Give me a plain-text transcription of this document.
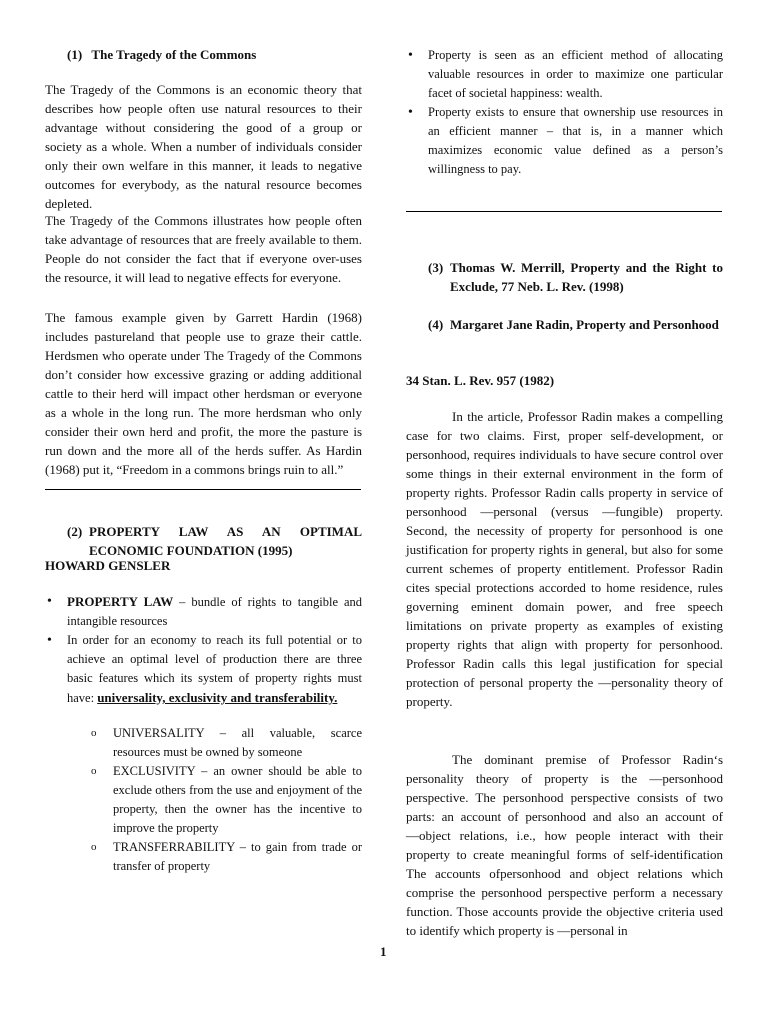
(1) The Tragedy of the Commons

The Tragedy of the Commons is an economic theory that describes how people often use natural resources to their advantage without considering the good of a group or society as a whole. When a number of individuals consider only their own welfare in this manner, it leads to negative outcomes for everybody, as the natural resource becomes depleted.

The Tragedy of the Commons illustrates how people often take advantage of resources that are freely available to them. People do not consider the fact that if everyone over-uses the resource, it will lead to negative effects for everyone.

The famous example given by Garrett Hardin (1968) includes pastureland that people use to graze their cattle. Herdsmen who operate under The Tragedy of the Commons don’t consider how excessive grazing or adding additional cattle to their herd will impact other herdsman or everyone as a whole in the long run. The more herdsman who only consider their own herd and profit, the more the pasture is run down and the more all of the herds suffer. As Hardin (1968) put it, “Freedom in a commons brings ruin to all.”

(2) PROPERTY LAW AS AN OPTIMAL
ECONOMIC FOUNDATION (1995)
HOWARD GENSLER
• PROPERTY LAW – bundle of rights to tangible and intangible resources
• In order for an economy to reach its full potential or to achieve an optimal level of production there are three basic features which its system of property rights must have: universality, exclusivity and transferability.
o UNIVERSALITY – all valuable, scarce resources must be owned by someone
o EXCLUSIVITY – an owner should be able to exclude others from the use and enjoyment of the property, then the owner has the incentive to improve the property
o TRANSFERRABILITY – to gain from trade or transfer of property
• Property is seen as an efficient method of allocating valuable resources in order to maximize one particular facet of societal happiness: wealth.
• Property exists to ensure that ownership use resources in an efficient manner – that is, in a manner which maximizes economic value defined as a person’s willingness to pay.
(3) Thomas W. Merrill, Property and the Right to Exclude, 77 Neb. L. Rev. (1998)
(4) Margaret Jane Radin, Property and Personhood
34 Stan. L. Rev. 957 (1982)

In the article, Professor Radin makes a compelling case for two claims. First, proper self-development, or personhood, requires individuals to have secure control over some things in their external environment in the form of property rights. Professor Radin calls property in service of personhood ―personal (versus ―fungible) property. Second, the necessity of property for personhood is one justification for property rights in general, but also for some current schemes of property entitlement. Professor Radin cites special protections accorded to home residence, rules governing eminent domain power, and free speech limitations on private property as examples of existing property rights that align with property for personhood. Professor Radin calls this legal justification for special protection of personal property the ―personality theory of property.

The dominant premise of Professor Radin‘s personality theory of property is the ―personhood perspective. The personhood perspective consists of two parts: an account of personhood and also an account of ―object relations, i.e., how people interact with their property to create meaningful forms of self-identification The accounts ofpersonhood and object relations which comprise the personhood perspective perform a necessary function. Those accounts provide the objective criteria used to identify which property is ―personal in

1
